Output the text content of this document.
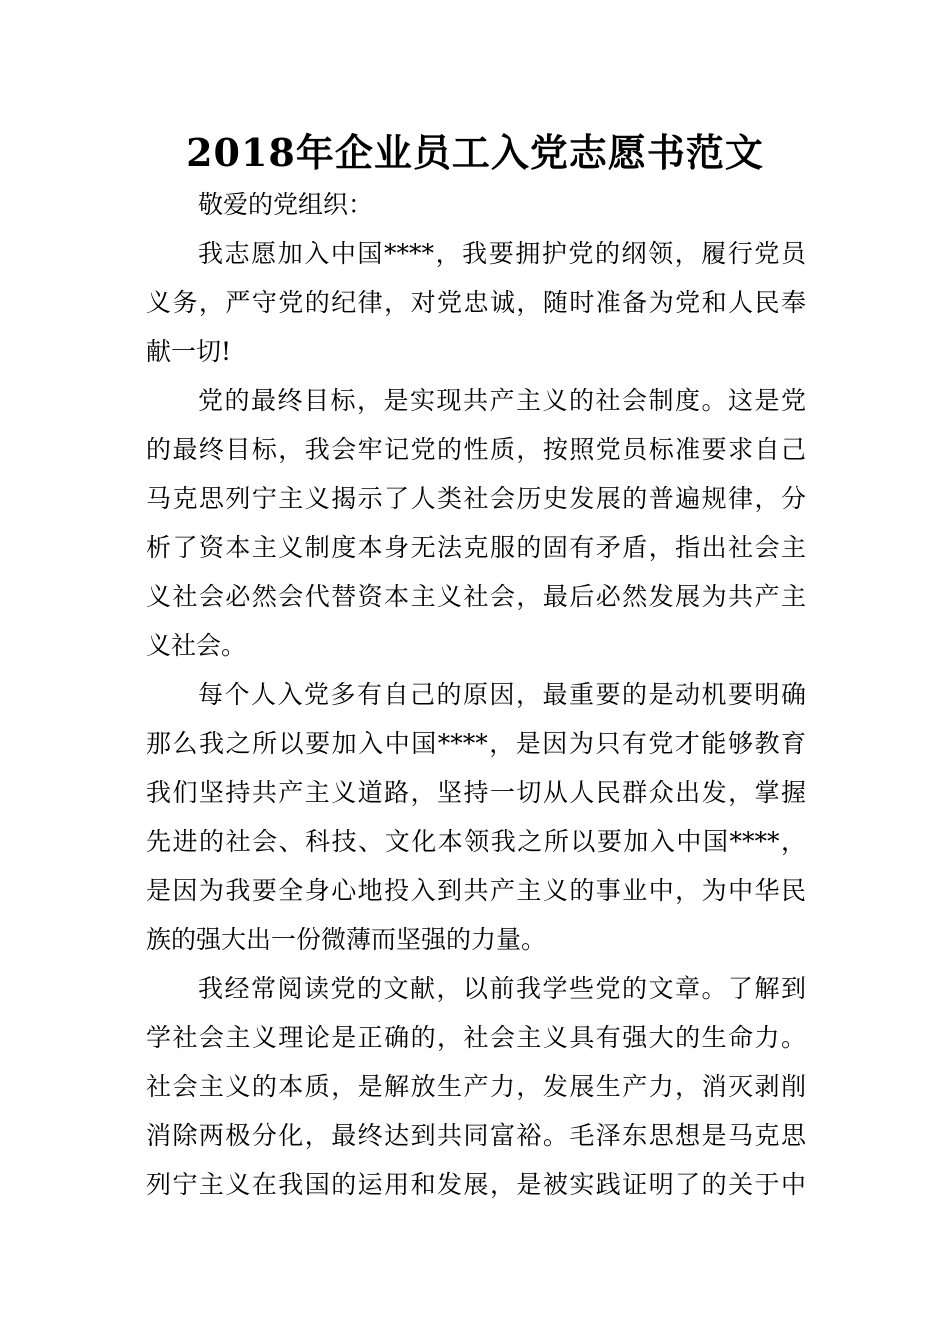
2018年企业员工入党志愿书范文

敬爱的党组织：

我志愿加入中国****，我要拥护党的纲领，履行党员
义务，严守党的纪律，对党忠诚，随时准备为党和人民奉
献一切!

党的最终目标，是实现共产主义的社会制度。这是党
的最终目标，我会牢记党的性质，按照党员标准要求自己
马克思列宁主义揭示了人类社会历史发展的普遍规律，分
析了资本主义制度本身无法克服的固有矛盾，指出社会主
义社会必然会代替资本主义社会，最后必然发展为共产主
义社会。

每个人入党多有自己的原因，最重要的是动机要明确
那么我之所以要加入中国****，是因为只有党才能够教育
我们坚持共产主义道路，坚持一切从人民群众出发，掌握
先进的社会、科技、文化本领我之所以要加入中国****，
是因为我要全身心地投入到共产主义的事业中，为中华民
族的强大出一份微薄而坚强的力量。

我经常阅读党的文献，以前我学些党的文章。了解到
学社会主义理论是正确的，社会主义具有强大的生命力。
社会主义的本质，是解放生产力，发展生产力，消灭剥削
消除两极分化，最终达到共同富裕。毛泽东思想是马克思
列宁主义在我国的运用和发展，是被实践证明了的关于中
